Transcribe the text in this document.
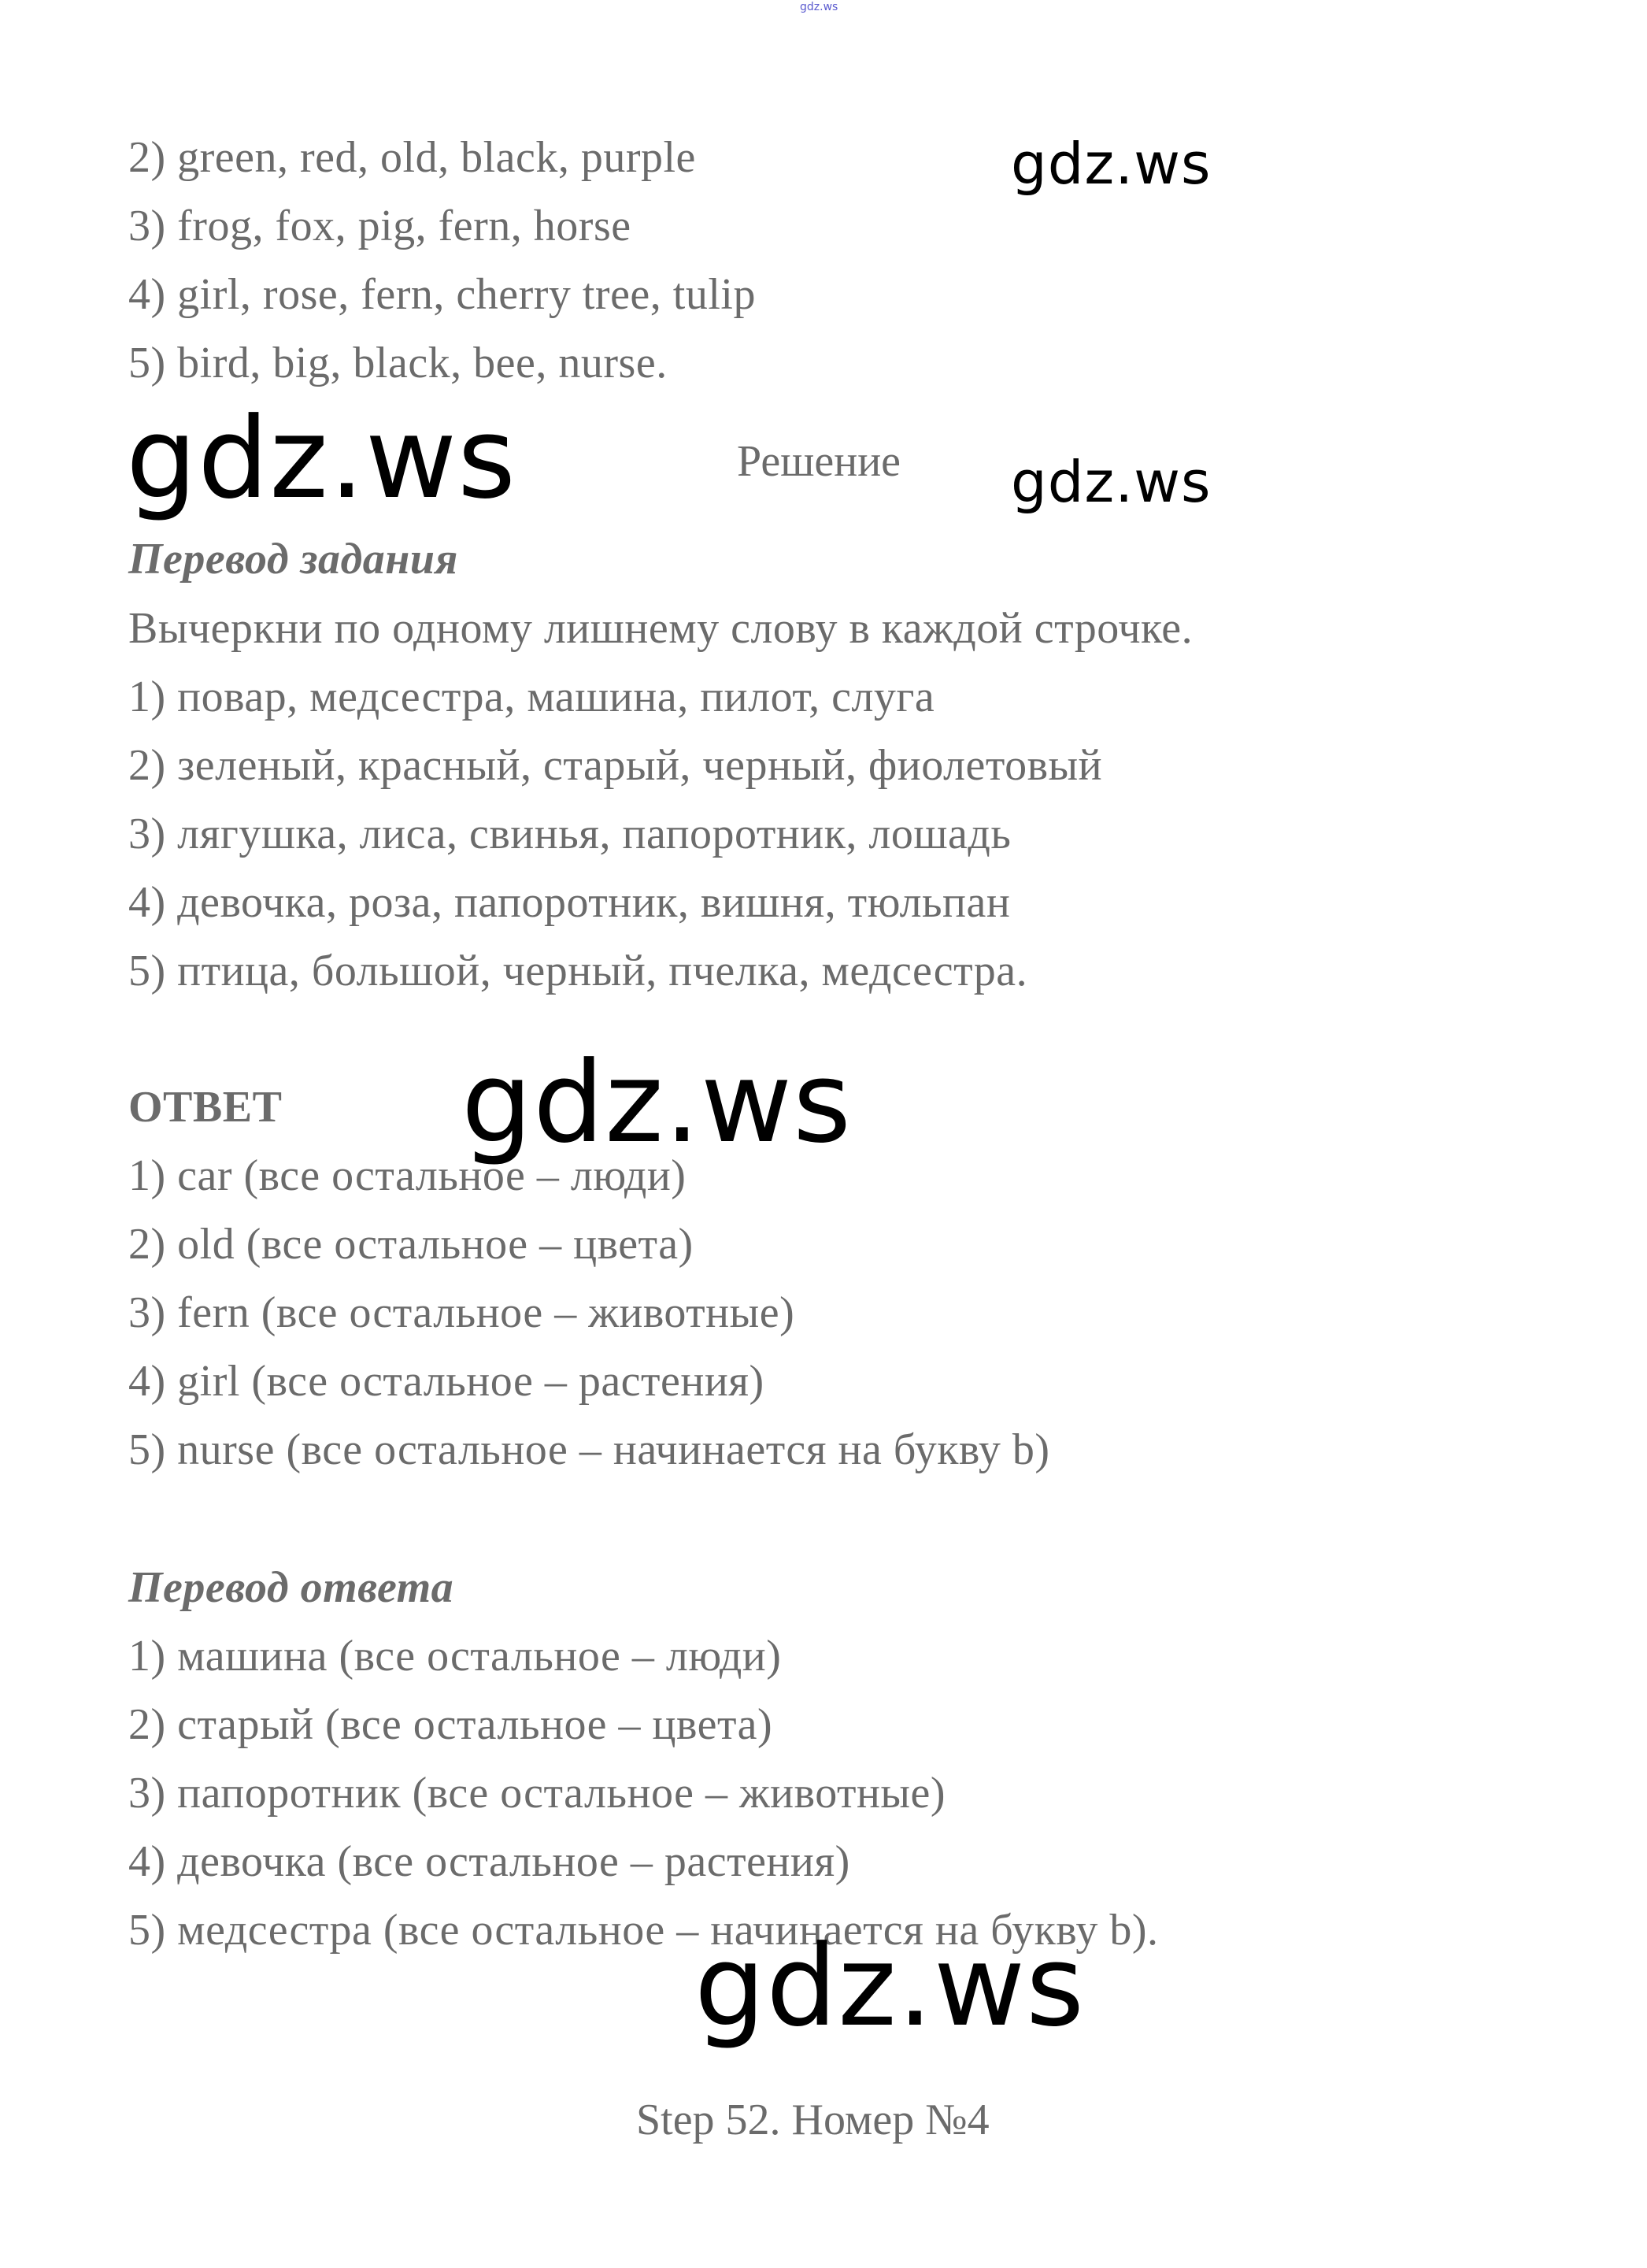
gdz.ws
2) green, red, old, black, purple
3) frog, fox, pig, fern, horse
4) girl, rose, fern, cherry tree, tulip
5) bird, big, black, bee, nurse.
gdz.ws
gdz.ws	gdz.ws
Решение
Перевод задания
Вычеркни по одному лишнему слову в каждой строчке.
1) повар, медсестра, машина, пилот, слуга
2) зеленый, красный, старый, черный, фиолетовый
3) лягушка, лиса, свинья, папоротник, лошадь
4) девочка, роза, папоротник, вишня, тюльпан
5) птица, большой, черный, пчелка, медсестра.
ОТВЕТ gdz.ws
1) car (все остальное – люди)
2) old (все остальное – цвета)
3) fern (все остальное – животные)
4) girl (все остальное – растения)
5) nurse (все остальное – начинается на букву b)
Перевод ответа
1) машина (все остальное – люди)
2) старый (все остальное – цвета)
3) папоротник (все остальное – животные)
4) девочка (все остальное – растения)
5) медсестра (все остальное – начинается на букву b).
gdz.ws
Step 52. Номер №4
